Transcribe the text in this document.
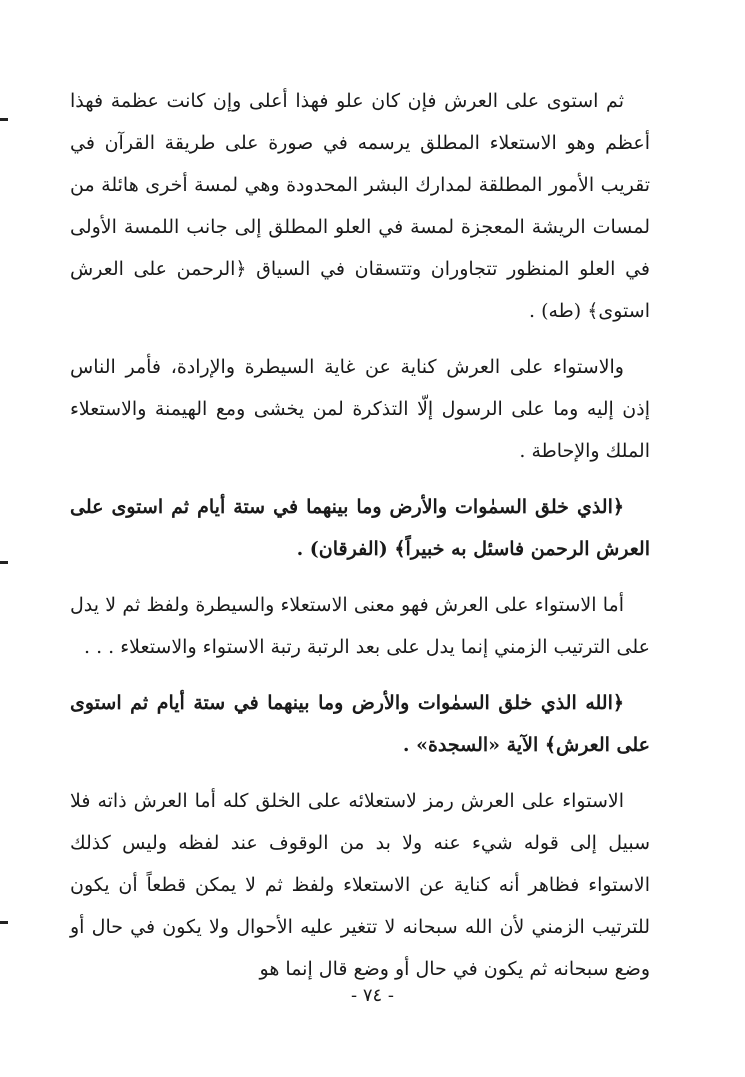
ثم استوى على العرش فإن كان علو فهذا أعلى وإن كانت عظمة فهذا أعظم وهو الاستعلاء المطلق يرسمه في صورة على طريقة القرآن في تقريب الأمور المطلقة لمدارك البشر المحدودة وهي لمسة أخرى هائلة من لمسات الريشة المعجزة لمسة في العلو المطلق إلى جانب اللمسة الأولى في العلو المنظور تتجاوران وتتسقان في السياق ﴿الرحمن على العرش استوى﴾ (طه) .

والاستواء على العرش كناية عن غاية السيطرة والإرادة، فأمر الناس إذن إليه وما على الرسول إلّا التذكرة لمن يخشى ومع الهيمنة والاستعلاء الملك والإحاطة .

﴿الذي خلق السمٰوات والأرض وما بينهما في ستة أيام ثم استوى على العرش الرحمن فاسئل به خبيراً﴾ (الفرقان) .

أما الاستواء على العرش فهو معنى الاستعلاء والسيطرة ولفظ ثم لا يدل على الترتيب الزمني إنما يدل على بعد الرتبة رتبة الاستواء والاستعلاء . . .

﴿الله الذي خلق السمٰوات والأرض وما بينهما في ستة أيام ثم استوى على العرش﴾ الآية «السجدة» .

الاستواء على العرش رمز لاستعلائه على الخلق كله أما العرش ذاته فلا سبيل إلى قوله شيء عنه ولا بد من الوقوف عند لفظه وليس كذلك الاستواء فظاهر أنه كناية عن الاستعلاء ولفظ ثم لا يمكن قطعاً أن يكون للترتيب الزمني لأن الله سبحانه لا تتغير عليه الأحوال ولا يكون في حال أو وضع سبحانه ثم يكون في حال أو وضع قال إنما هو

- ٧٤ -
